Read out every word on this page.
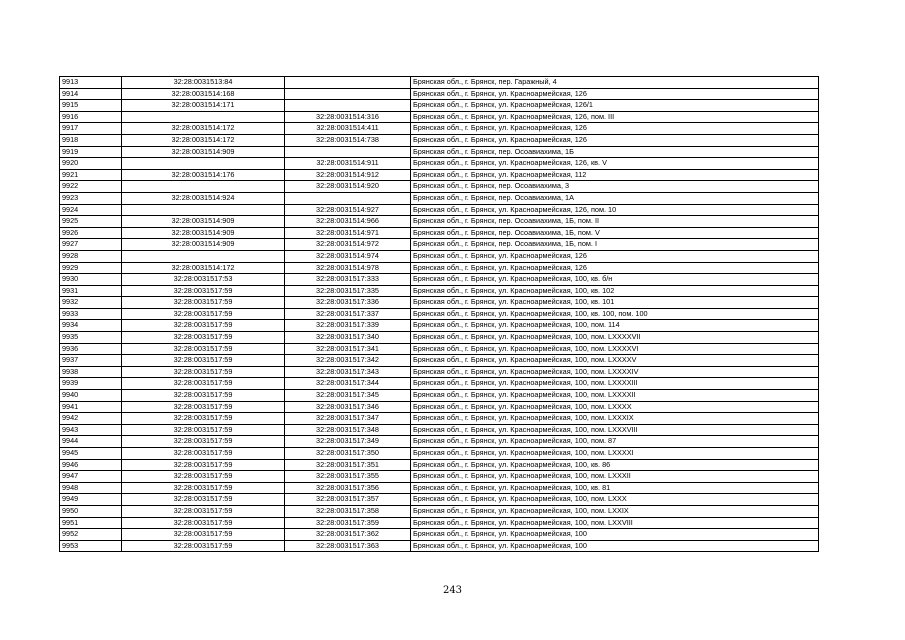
9913	32:28:0031513:84		Брянская обл., г. Брянск, пер. Гаражный, 4
9914	32:28:0031514:168		Брянская обл., г. Брянск, ул. Красноармейская, 126
9915	32:28:0031514:171		Брянская обл., г. Брянск, ул. Красноармейская, 126/1
9916		32:28:0031514:316	Брянская обл., г. Брянск, ул. Красноармейская, 126, пом. III
9917	32:28:0031514:172	32:28:0031514:411	Брянская обл., г. Брянск, ул. Красноармейская, 126
9918	32:28:0031514:172	32:28:0031514:738	Брянская обл., г. Брянск, ул. Красноармейская, 126
9919	32:28:0031514:909		Брянская обл., г. Брянск, пер. Осоавиахима, 1Б
9920		32:28:0031514:911	Брянская обл., г. Брянск, ул. Красноармейская, 126, кв. V
9921	32:28:0031514:176	32:28:0031514:912	Брянская обл., г. Брянск, ул. Красноармейская, 112
9922		32:28:0031514:920	Брянская обл., г. Брянск, пер. Осоавиахима, 3
9923	32:28:0031514:924		Брянская обл., г. Брянск, пер. Осоавиахима, 1А
9924		32:28:0031514:927	Брянская обл., г. Брянск, ул. Красноармейская, 126, пом. 10
9925	32:28:0031514:909	32:28:0031514:966	Брянская обл., г. Брянск, пер. Осоавиахима, 1Б, пом. II
9926	32:28:0031514:909	32:28:0031514:971	Брянская обл., г. Брянск, пер. Осоавиахима, 1Б, пом. V
9927	32:28:0031514:909	32:28:0031514:972	Брянская обл., г. Брянск, пер. Осоавиахима, 1Б, пом. I
9928		32:28:0031514:974	Брянская обл., г. Брянск, ул. Красноармейская, 126
9929	32:28:0031514:172	32:28:0031514:978	Брянская обл., г. Брянск, ул. Красноармейская, 126
9930	32:28:0031517:53	32:28:0031517:333	Брянская обл., г. Брянск, ул. Красноармейская, 100, кв. б/н
9931	32:28:0031517:59	32:28:0031517:335	Брянская обл., г. Брянск, ул. Красноармейская, 100, кв. 102
9932	32:28:0031517:59	32:28:0031517:336	Брянская обл., г. Брянск, ул. Красноармейская, 100, кв. 101
9933	32:28:0031517:59	32:28:0031517:337	Брянская обл., г. Брянск, ул. Красноармейская, 100, кв. 100, пом. 100
9934	32:28:0031517:59	32:28:0031517:339	Брянская обл., г. Брянск, ул. Красноармейская, 100, пом. 114
9935	32:28:0031517:59	32:28:0031517:340	Брянская обл., г. Брянск, ул. Красноармейская, 100, пом. LXXXXVII
9936	32:28:0031517:59	32:28:0031517:341	Брянская обл., г. Брянск, ул. Красноармейская, 100, пом. LXXXXVI
9937	32:28:0031517:59	32:28:0031517:342	Брянская обл., г. Брянск, ул. Красноармейская, 100, пом. LXXXXV
9938	32:28:0031517:59	32:28:0031517:343	Брянская обл., г. Брянск, ул. Красноармейская, 100, пом. LXXXXIV
9939	32:28:0031517:59	32:28:0031517:344	Брянская обл., г. Брянск, ул. Красноармейская, 100, пом. LXXXXIII
9940	32:28:0031517:59	32:28:0031517:345	Брянская обл., г. Брянск, ул. Красноармейская, 100, пом. LXXXXII
9941	32:28:0031517:59	32:28:0031517:346	Брянская обл., г. Брянск, ул. Красноармейская, 100, пом. LXXXX
9942	32:28:0031517:59	32:28:0031517:347	Брянская обл., г. Брянск, ул. Красноармейская, 100, пом. LXXXIX
9943	32:28:0031517:59	32:28:0031517:348	Брянская обл., г. Брянск, ул. Красноармейская, 100, пом. LXXXVIII
9944	32:28:0031517:59	32:28:0031517:349	Брянская обл., г. Брянск, ул. Красноармейская, 100, пом. 87
9945	32:28:0031517:59	32:28:0031517:350	Брянская обл., г. Брянск, ул. Красноармейская, 100, пом. LXXXXI
9946	32:28:0031517:59	32:28:0031517:351	Брянская обл., г. Брянск, ул. Красноармейская, 100, кв. 86
9947	32:28:0031517:59	32:28:0031517:355	Брянская обл., г. Брянск, ул. Красноармейская, 100, пом. LXXXII
9948	32:28:0031517:59	32:28:0031517:356	Брянская обл., г. Брянск, ул. Красноармейская, 100, кв. 81
9949	32:28:0031517:59	32:28:0031517:357	Брянская обл., г. Брянск, ул. Красноармейская, 100, пом. LXXX
9950	32:28:0031517:59	32:28:0031517:358	Брянская обл., г. Брянск, ул. Красноармейская, 100, пом. LXXIX
9951	32:28:0031517:59	32:28:0031517:359	Брянская обл., г. Брянск, ул. Красноармейская, 100, пом. LXXVIII
9952	32:28:0031517:59	32:28:0031517:362	Брянская обл., г. Брянск, ул. Красноармейская, 100
9953	32:28:0031517:59	32:28:0031517:363	Брянская обл., г. Брянск, ул. Красноармейская, 100
243
